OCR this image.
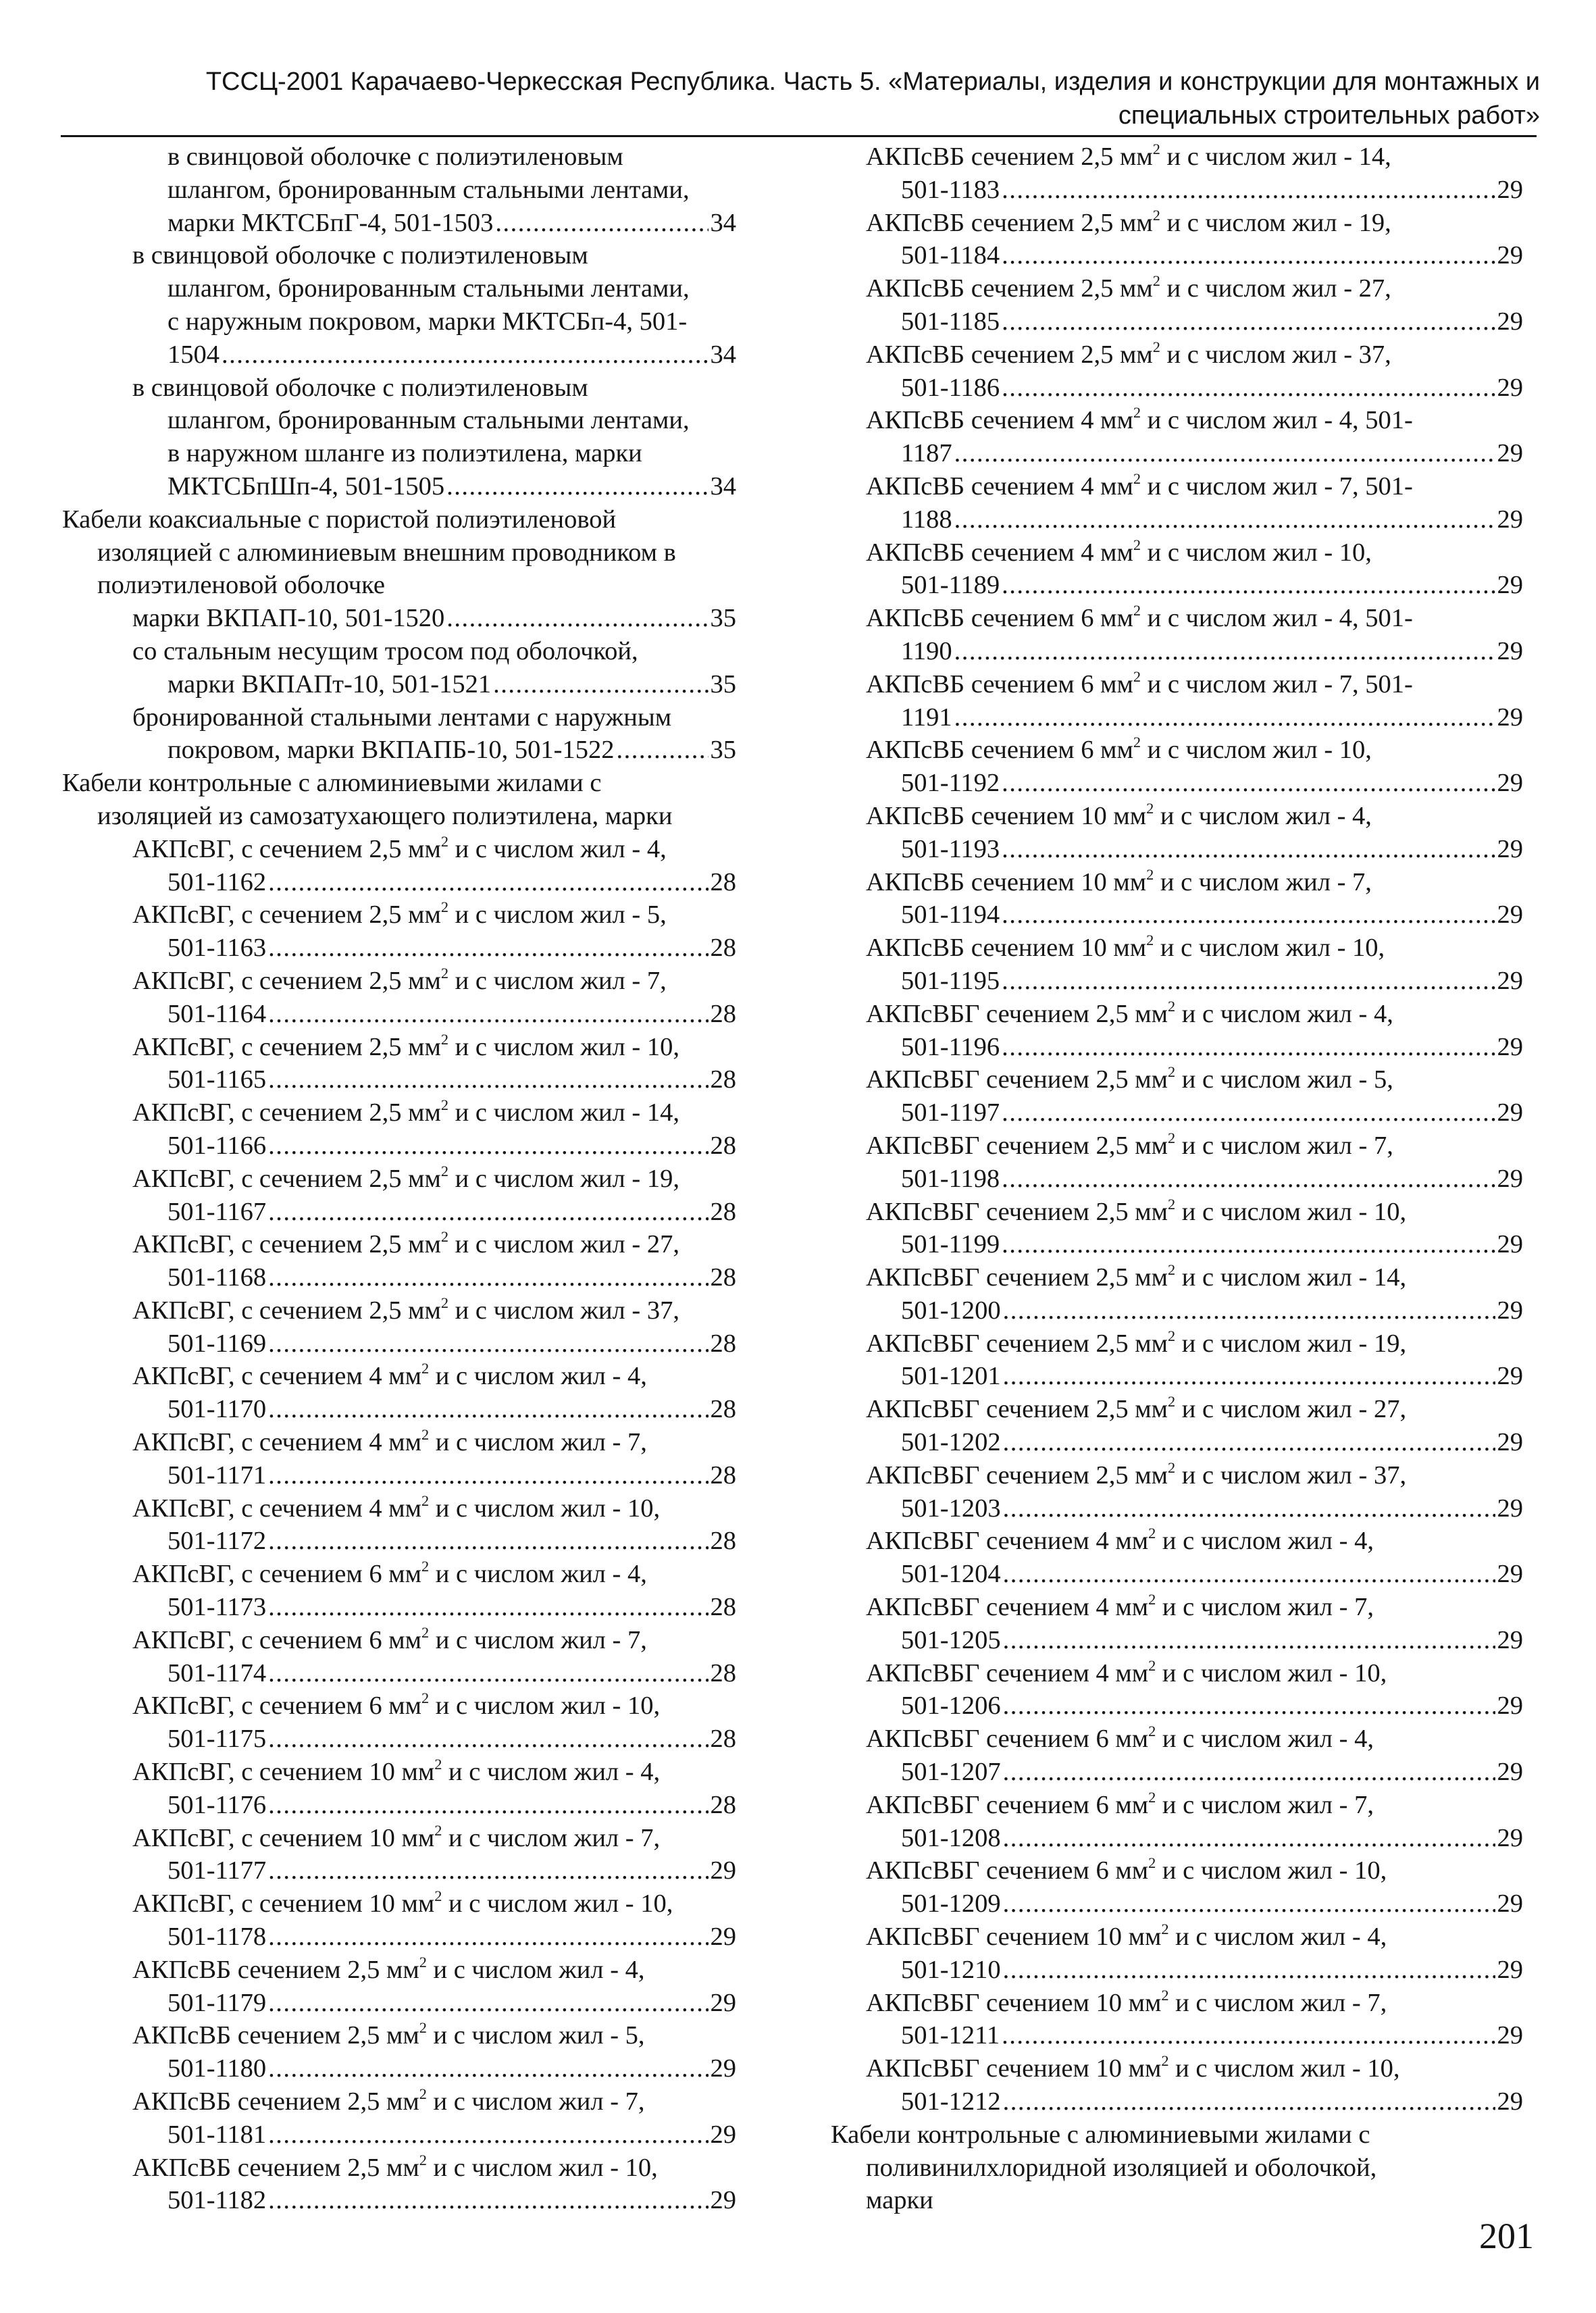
ТССЦ-2001 Карачаево-Черкесская Республика. Часть 5. «Материалы, изделия и конструкции для монтажных и
специальных строительных работ»
в свинцовой оболочке с полиэтиленовым
шлангом, бронированным стальными лентами,
марки МКТСБпГ-4, 501-1503 .....	34
в свинцовой оболочке с полиэтиленовым
шлангом, бронированным стальными лентами,
с наружным покровом, марки МКТСБп-4, 501-
1504 .....	34
в свинцовой оболочке с полиэтиленовым
шлангом, бронированным стальными лентами,
в наружном шланге из полиэтилена, марки
МКТСБпШп-4, 501-1505 .....	34
Кабели коаксиальные с пористой полиэтиленовой
изоляцией с алюминиевым внешним проводником в
полиэтиленовой оболочке
марки ВКПАП-10, 501-1520 .....	35
со стальным несущим тросом под оболочкой,
марки ВКПАПт-10, 501-1521 .....	35
бронированной стальными лентами с наружным
покровом, марки ВКПАПБ-10, 501-1522 .....	35
Кабели контрольные с алюминиевыми жилами с
изоляцией из самозатухающего полиэтилена, марки
АКПсВГ, с сечением 2,5 $мм^2$ и с числом жил - 4,
501-1162 .....	28
АКПсВГ, с сечением 2,5 $мм^2$ и с числом жил - 5,
501-1163 .....	28
АКПсВГ, с сечением 2,5 $мм^2$ и с числом жил - 7,
501-1164 .....	28
АКПсВГ, с сечением 2,5 $мм^2$ и с числом жил - 10,
501-1165 .....	28
АКПсВГ, с сечением 2,5 $мм^2$ и с числом жил - 14,
501-1166 .....	28
АКПсВГ, с сечением 2,5 $мм^2$ и с числом жил - 19,
501-1167 .....	28
АКПсВГ, с сечением 2,5 $мм^2$ и с числом жил - 27,
501-1168 .....	28
АКПсВГ, с сечением 2,5 $мм^2$ и с числом жил - 37,
501-1169 .....	28
АКПсВГ, с сечением 4 $мм^2$ и с числом жил - 4,
501-1170 .....	28
АКПсВГ, с сечением 4 $мм^2$ и с числом жил - 7,
501-1171 .....	28
АКПсВГ, с сечением 4 $мм^2$ и с числом жил - 10,
501-1172 .....	28
АКПсВГ, с сечением 6 $мм^2$ и с числом жил - 4,
501-1173 .....	28
АКПсВГ, с сечением 6 $мм^2$ и с числом жил - 7,
501-1174 .....	28
АКПсВГ, с сечением 6 $мм^2$ и с числом жил - 10,
501-1175 .....	28
АКПсВГ, с сечением 10 $мм^2$ и с числом жил - 4,
501-1176 .....	28
АКПсВГ, с сечением 10 $мм^2$ и с числом жил - 7,
501-1177 .....	29
АКПсВГ, с сечением 10 $мм^2$ и с числом жил - 10,
501-1178 .....	29
АКПсВБ сечением 2,5 $мм^2$ и с числом жил - 4,
501-1179 .....	29
АКПсВБ сечением 2,5 $мм^2$ и с числом жил - 5,
501-1180 .....	29
АКПсВБ сечением 2,5 $мм^2$ и с числом жил - 7,
501-1181 .....	29
АКПсВБ сечением 2,5 $мм^2$ и с числом жил - 10,
501-1182 .....	29
АКПсВБ сечением 2,5 $мм^2$ и с числом жил - 14,
501-1183 .....	29
АКПсВБ сечением 2,5 $мм^2$ и с числом жил - 19,
501-1184 .....	29
АКПсВБ сечением 2,5 $мм^2$ и с числом жил - 27,
501-1185 .....	29
АКПсВБ сечением 2,5 $мм^2$ и с числом жил - 37,
501-1186 .....	29
АКПсВБ сечением 4 $мм^2$ и с числом жил - 4, 501-
1187 .....	29
АКПсВБ сечением 4 $мм^2$ и с числом жил - 7, 501-
1188 .....	29
АКПсВБ сечением 4 $мм^2$ и с числом жил - 10,
501-1189 .....	29
АКПсВБ сечением 6 $мм^2$ и с числом жил - 4, 501-
1190 .....	29
АКПсВБ сечением 6 $мм^2$ и с числом жил - 7, 501-
1191 .....	29
АКПсВБ сечением 6 $мм^2$ и с числом жил - 10,
501-1192 .....	29
АКПсВБ сечением 10 $мм^2$ и с числом жил - 4,
501-1193 .....	29
АКПсВБ сечением 10 $мм^2$ и с числом жил - 7,
501-1194 .....	29
АКПсВБ сечением 10 $мм^2$ и с числом жил - 10,
501-1195 .....	29
АКПсВБГ сечением 2,5 $мм^2$ и с числом жил - 4,
501-1196 .....	29
АКПсВБГ сечением 2,5 $мм^2$ и с числом жил - 5,
501-1197 .....	29
АКПсВБГ сечением 2,5 $мм^2$ и с числом жил - 7,
501-1198 .....	29
АКПсВБГ сечением 2,5 $мм^2$ и с числом жил - 10,
501-1199 .....	29
АКПсВБГ сечением 2,5 $мм^2$ и с числом жил - 14,
501-1200 .....	29
АКПсВБГ сечением 2,5 $мм^2$ и с числом жил - 19,
501-1201 .....	29
АКПсВБГ сечением 2,5 $мм^2$ и с числом жил - 27,
501-1202 .....	29
АКПсВБГ сечением 2,5 $мм^2$ и с числом жил - 37,
501-1203 .....	29
АКПсВБГ сечением 4 $мм^2$ и с числом жил - 4,
501-1204 .....	29
АКПсВБГ сечением 4 $мм^2$ и с числом жил - 7,
501-1205 .....	29
АКПсВБГ сечением 4 $мм^2$ и с числом жил - 10,
501-1206 .....	29
АКПсВБГ сечением 6 $мм^2$ и с числом жил - 4,
501-1207 .....	29
АКПсВБГ сечением 6 $мм^2$ и с числом жил - 7,
501-1208 .....	29
АКПсВБГ сечением 6 $мм^2$ и с числом жил - 10,
501-1209 .....	29
АКПсВБГ сечением 10 $мм^2$ и с числом жил - 4,
501-1210 .....	29
АКПсВБГ сечением 10 $мм^2$ и с числом жил - 7,
501-1211 .....	29
АКПсВБГ сечением 10 $мм^2$ и с числом жил - 10,
501-1212 .....	29
Кабели контрольные с алюминиевыми жилами с
поливинилхлоридной изоляцией и оболочкой,
марки
201
